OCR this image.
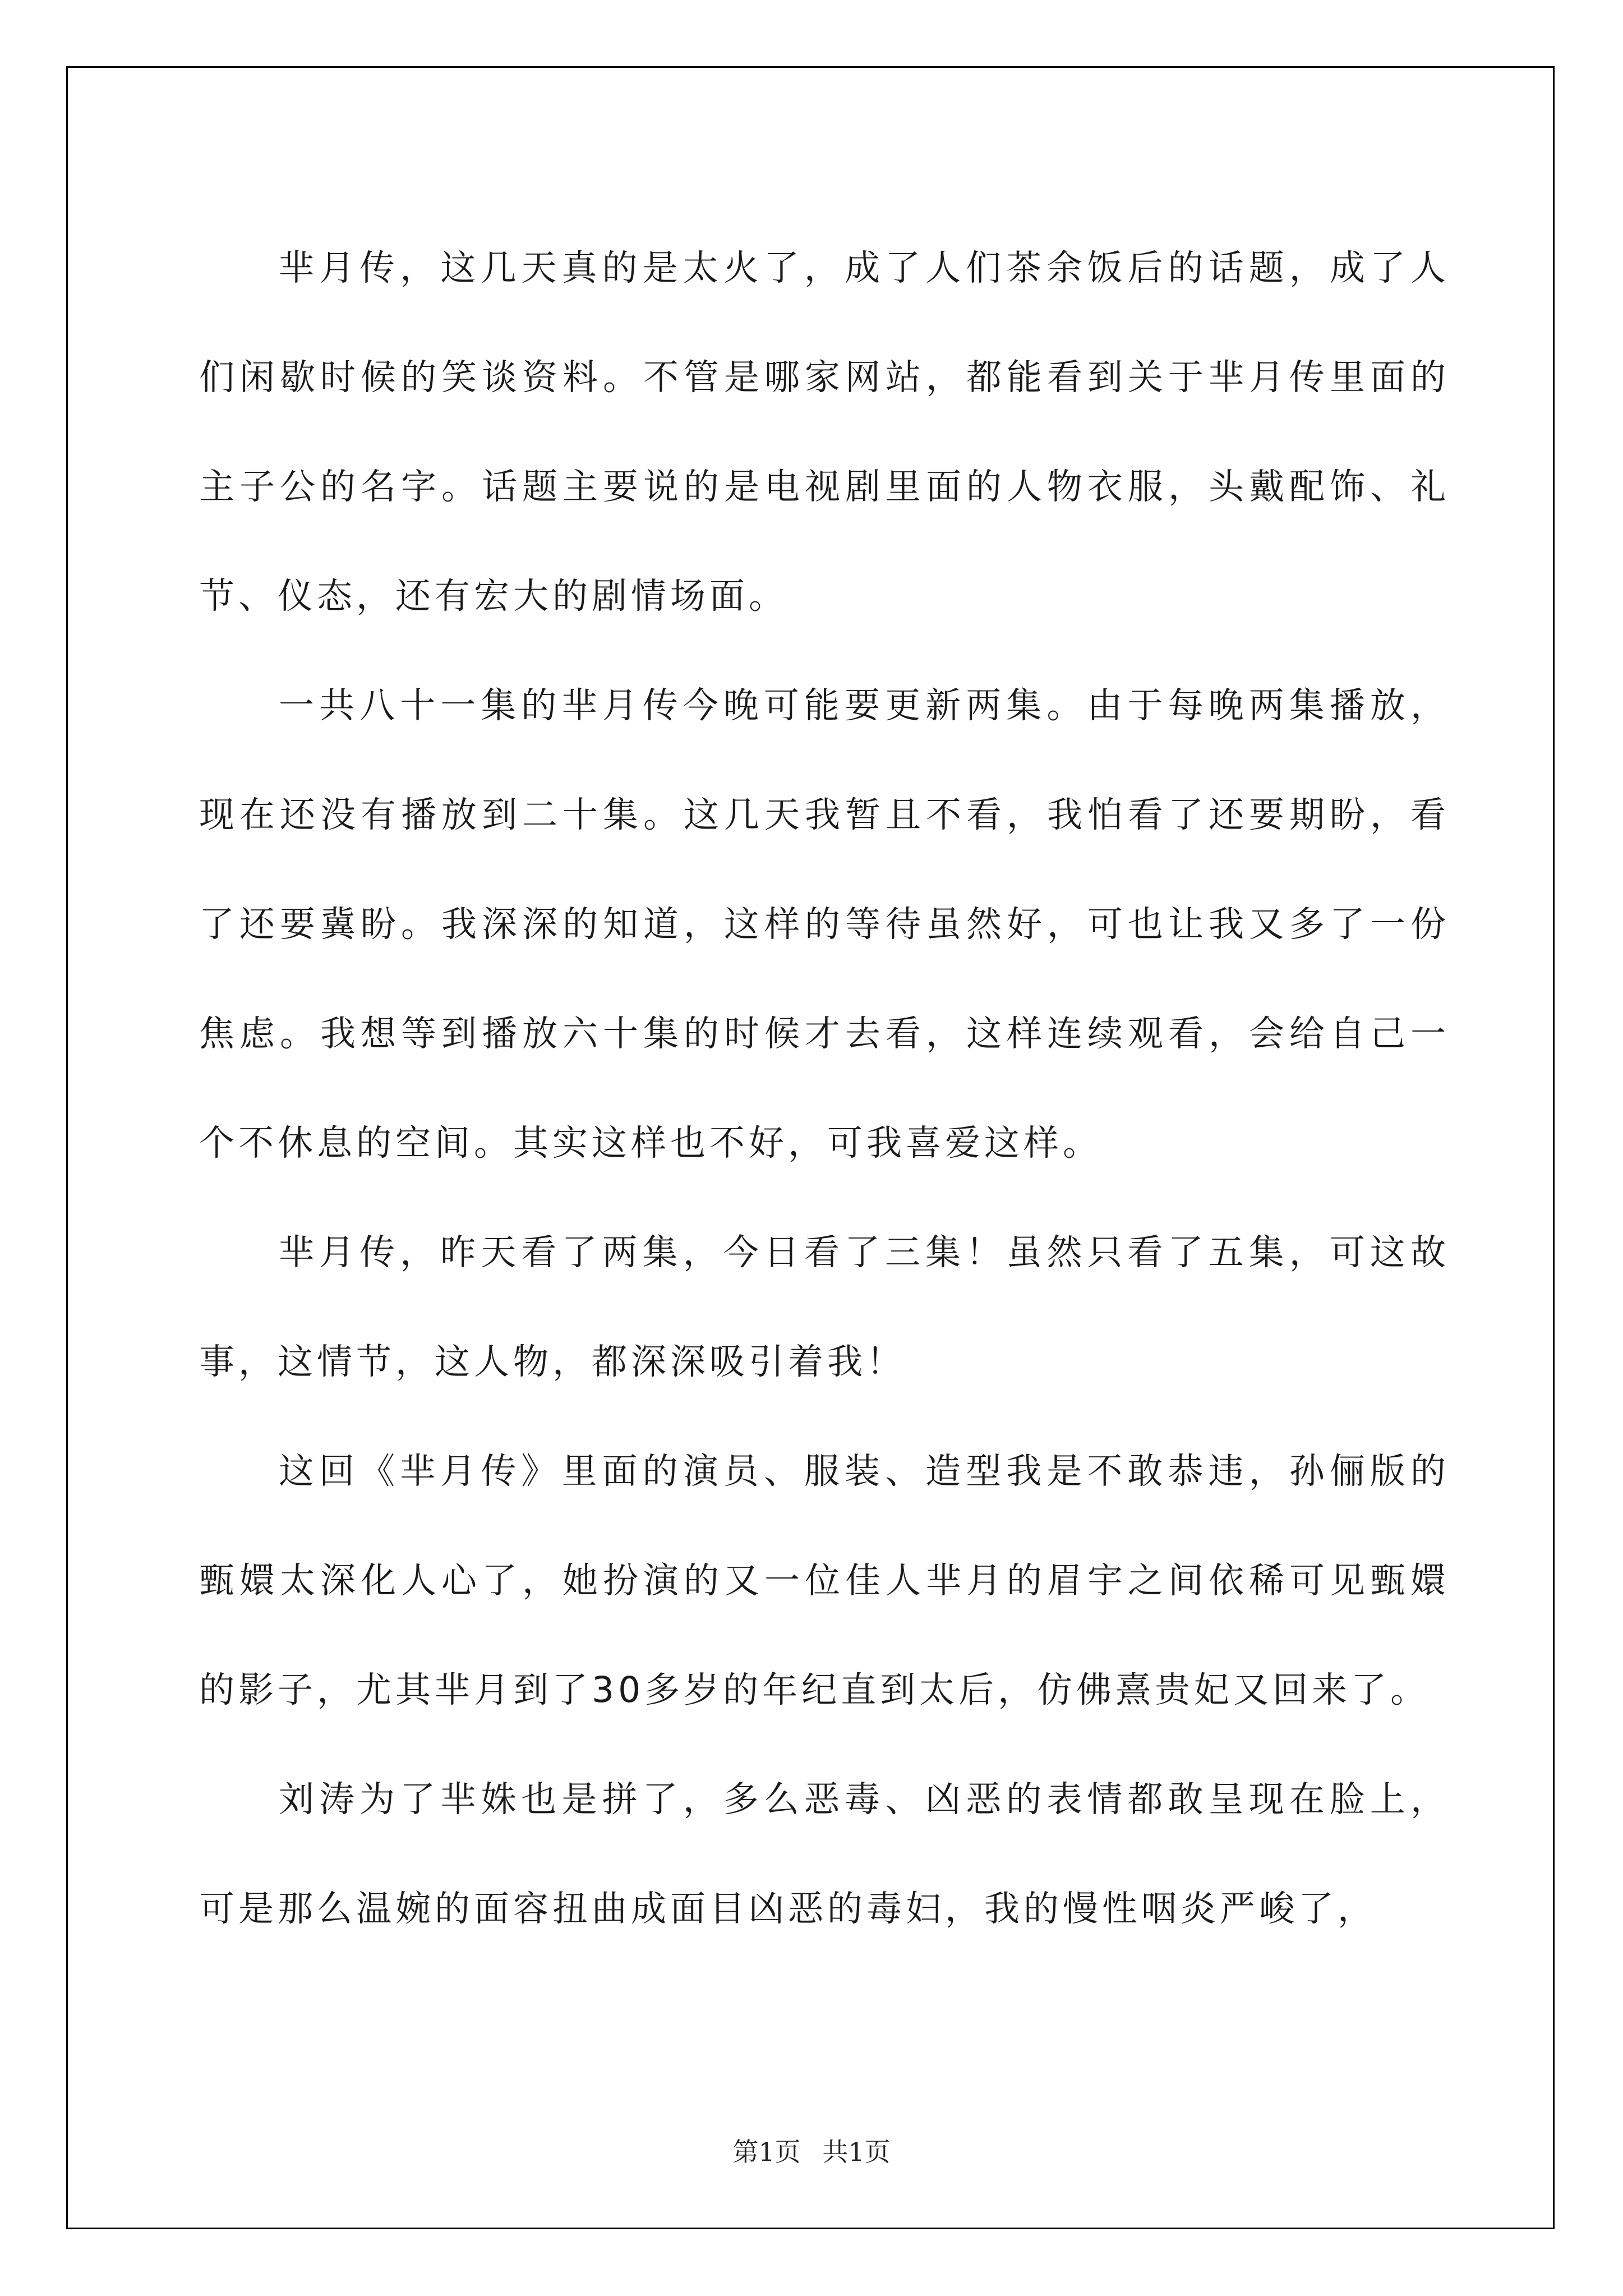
芈月传，这几天真的是太火了，成了人们茶余饭后的话题，成了人们闲歇时候的笑谈资料。不管是哪家网站，都能看到关于芈月传里面的主子公的名字。话题主要说的是电视剧里面的人物衣服，头戴配饰、礼节、仪态，还有宏大的剧情场面。

一共八十一集的芈月传今晚可能要更新两集。由于每晚两集播放，现在还没有播放到二十集。这几天我暂且不看，我怕看了还要期盼，看了还要冀盼。我深深的知道，这样的等待虽然好，可也让我又多了一份焦虑。我想等到播放六十集的时候才去看，这样连续观看，会给自己一个不休息的空间。其实这样也不好，可我喜爱这样。

芈月传，昨天看了两集，今日看了三集！虽然只看了五集，可这故事，这情节，这人物，都深深吸引着我！

这回《芈月传》里面的演员、服装、造型我是不敢恭违，孙俪版的甄嬛太深化人心了，她扮演的又一位佳人芈月的眉宇之间依稀可见甄嬛的影子，尤其芈月到了30多岁的年纪直到太后，仿佛熹贵妃又回来了。

刘涛为了芈姝也是拼了，多么恶毒、凶恶的表情都敢呈现在脸上，可是那么温婉的面容扭曲成面目凶恶的毒妇，我的慢性咽炎严峻了，

第1页 共1页
